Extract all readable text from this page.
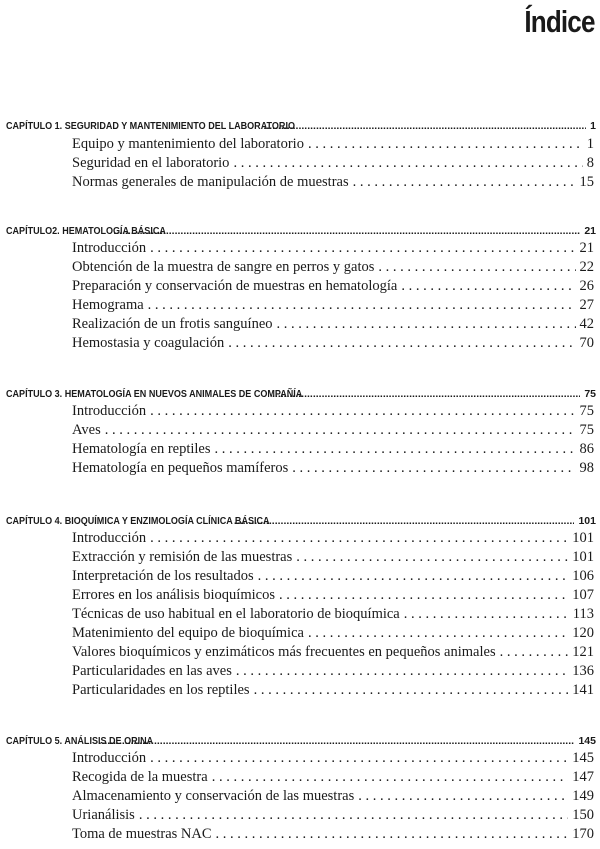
Índice
CAPÍTULO 1. SEGURIDAD Y MANTENIMIENTO DEL LABORATORIO .....	1
Equipo y mantenimiento del laboratorio . . .	1
Seguridad en el laboratorio . . .	8
Normas generales de manipulación de muestras . . .	15
CAPÍTULO2. HEMATOLOGÍA BÁSICA .....	21
Introducción . . .	21
Obtención de la muestra de sangre en perros y gatos . . .	22
Preparación y conservación de muestras en hematología . . .	26
Hemograma . . .	27
Realización de un frotis sanguíneo . . .	42
Hemostasia y coagulación . . .	70
CAPÍTULO 3. HEMATOLOGÍA EN NUEVOS ANIMALES DE COMPAÑÍA .....	75
Introducción . . .	75
Aves . . .	75
Hematología en reptiles . . .	86
Hematología en pequeños mamíferos . . .	98
CAPÍTULO 4. BIOQUÍMICA Y ENZIMOLOGÍA CLÍNICA BÁSICA .....	101
Introducción . . .	101
Extracción y remisión de las muestras . . .	101
Interpretación de los resultados . . .	106
Errores en los análisis bioquímicos . . .	107
Técnicas de uso habitual en el laboratorio de bioquímica . . .	113
Matenimiento del equipo de bioquímica . . .	120
Valores bioquímicos y enzimáticos más frecuentes en pequeños animales . . .	121
Particularidades en las aves . . .	136
Particularidades en los reptiles . . .	141
CAPÍTULO 5. ANÁLISIS DE ORINA .....	145
Introducción . . .	145
Recogida de la muestra . . .	147
Almacenamiento y conservación de las muestras . . .	149
Urianálisis . . .	150
Toma de muestras NAC . . .	170
